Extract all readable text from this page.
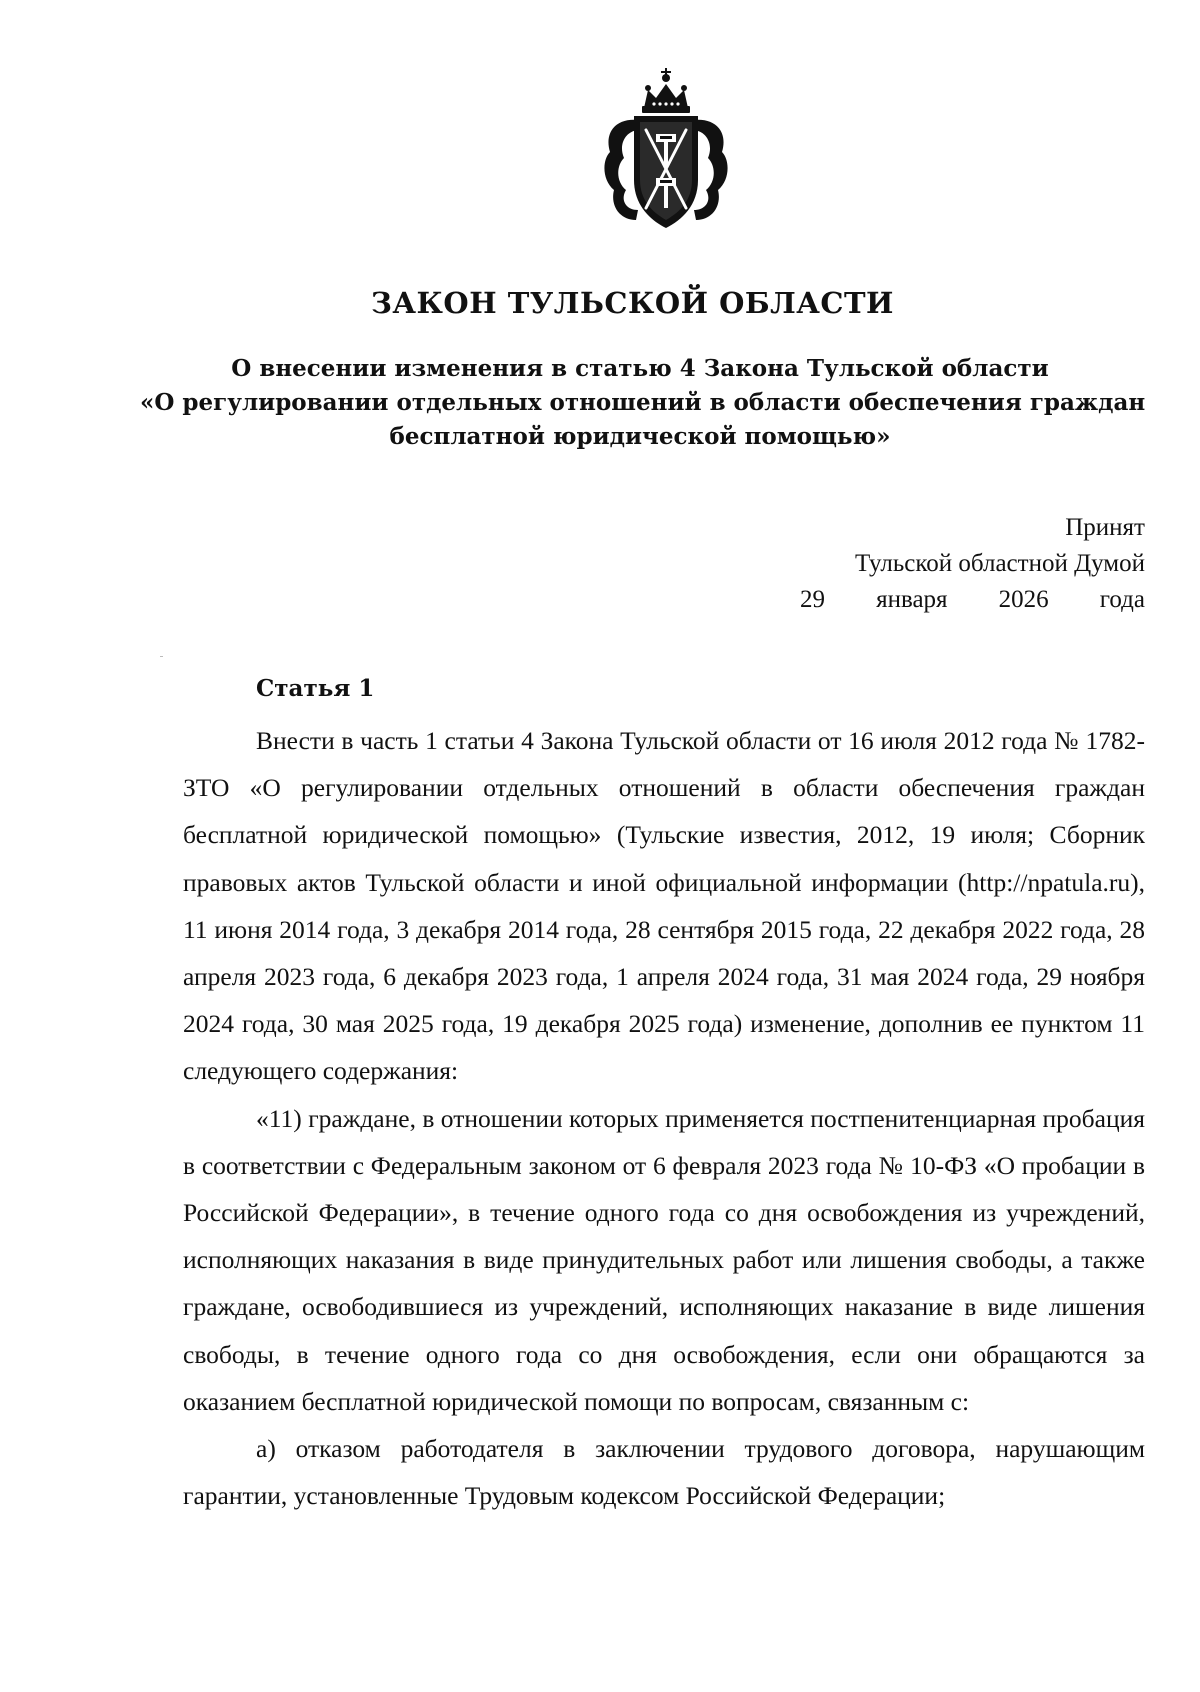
ЗАКОН ТУЛЬСКОЙ ОБЛАСТИ
О внесении изменения в статью 4 Закона Тульской области
«О регулировании отдельных отношений в области обеспечения граждан
бесплатной юридической помощью»
Принят
Тульской областной Думой
29 января 2026 года
Статья 1

Внести в часть 1 статьи 4 Закона Тульской области от 16 июля 2012 года № 1782-ЗТО «О регулировании отдельных отношений в области обеспечения граждан бесплатной юридической помощью» (Тульские известия, 2012, 19 июля; Сборник правовых актов Тульской области и иной официальной информации (http://npatula.ru), 11 июня 2014 года, 3 декабря 2014 года, 28 сентября 2015 года, 22 декабря 2022 года, 28 апреля 2023 года, 6 декабря 2023 года, 1 апреля 2024 года, 31 мая 2024 года, 29 ноября 2024 года, 30 мая 2025 года, 19 декабря 2025 года) изменение, дополнив ее пунктом 11 следующего содержания:

«11) граждане, в отношении которых применяется постпенитенциарная пробация в соответствии с Федеральным законом от 6 февраля 2023 года № 10-ФЗ «О пробации в Российской Федерации», в течение одного года со дня освобождения из учреждений, исполняющих наказания в виде принудительных работ или лишения свободы, а также граждане, освободившиеся из учреждений, исполняющих наказание в виде лишения свободы, в течение одного года со дня освобождения, если они обращаются за оказанием бесплатной юридической помощи по вопросам, связанным с:

а) отказом работодателя в заключении трудового договора, нарушающим гарантии, установленные Трудовым кодексом Российской Федерации;
